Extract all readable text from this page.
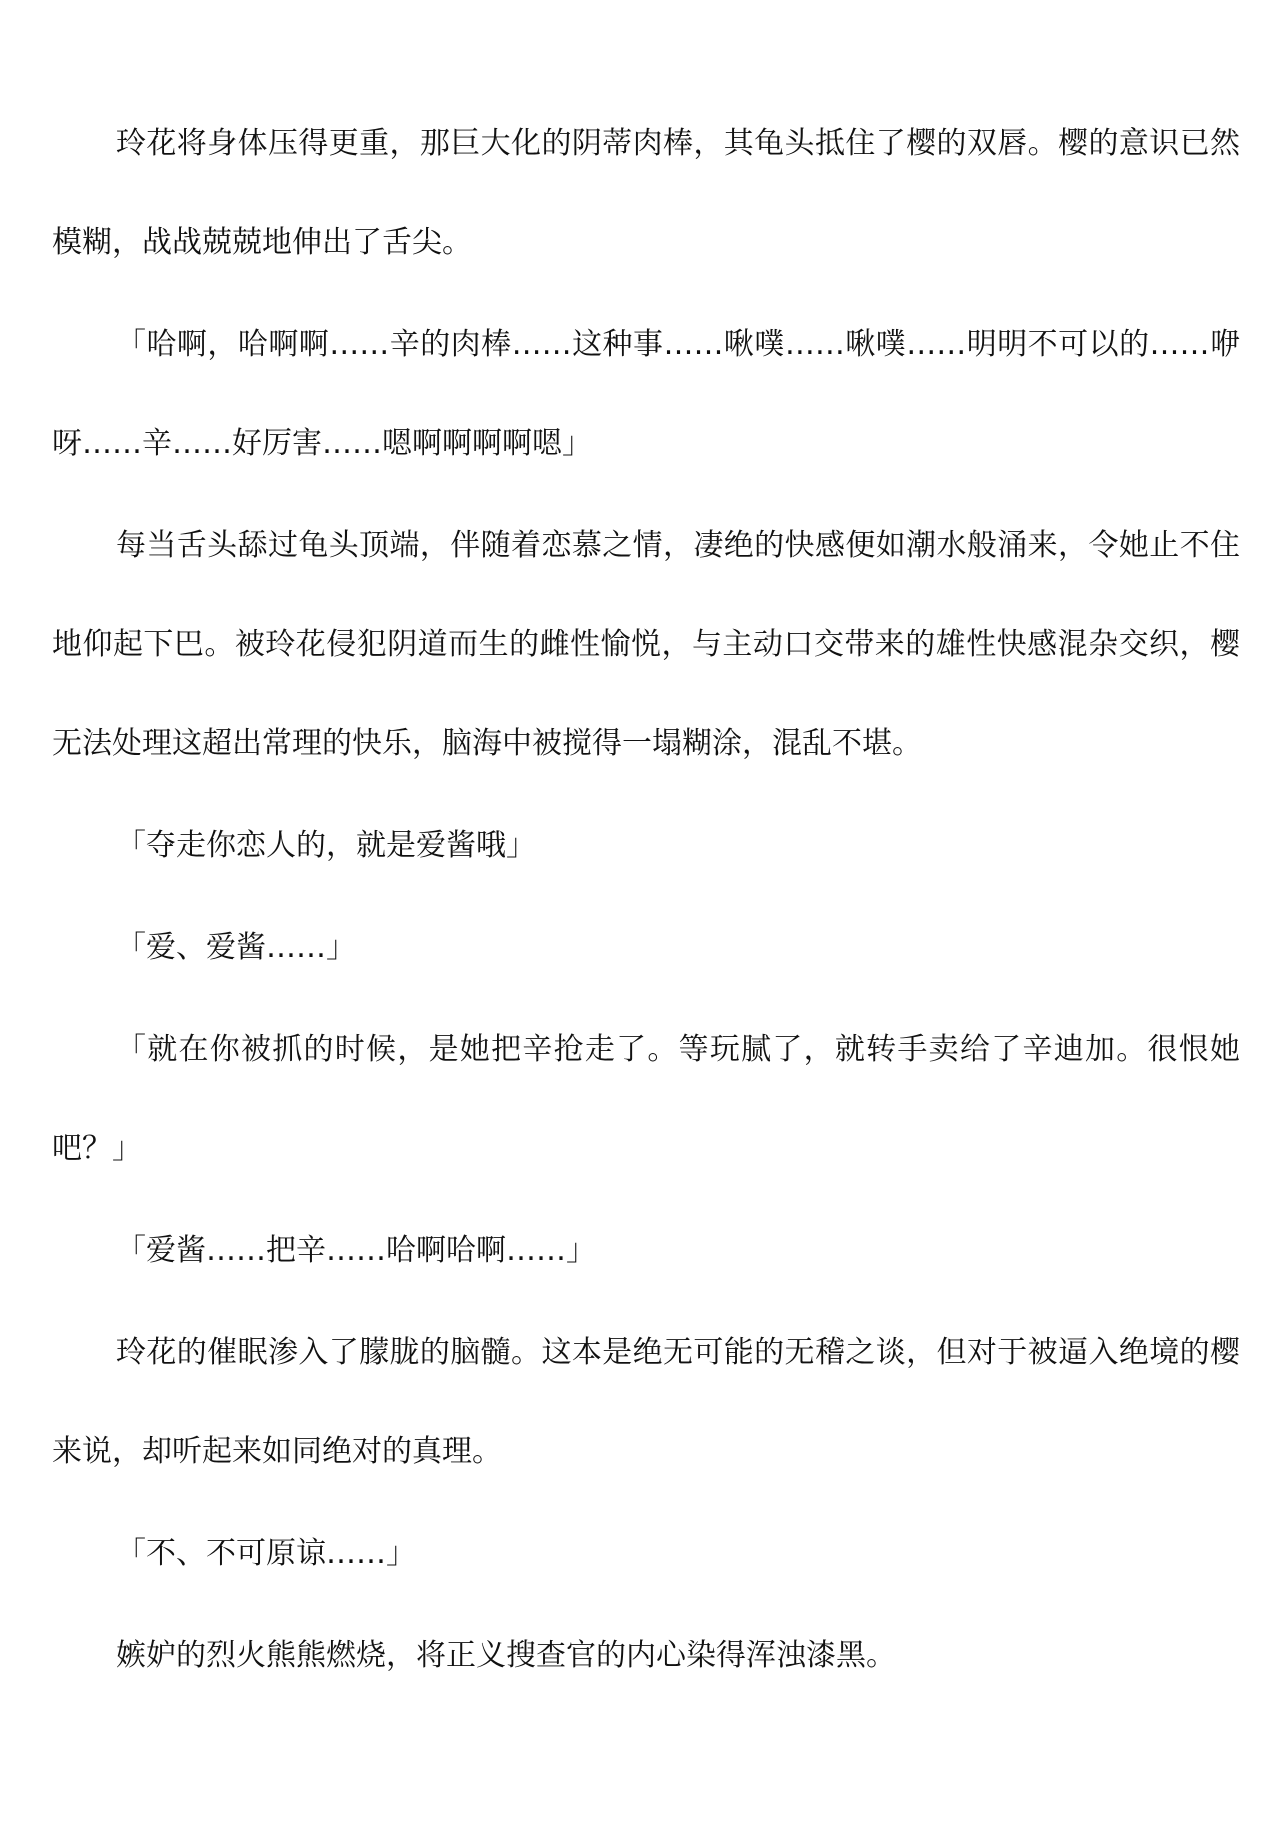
玲花将身体压得更重，那巨大化的阴蒂肉棒，其龟头抵住了樱的双唇。樱的意识已然
模糊，战战兢兢地伸出了舌尖。
「哈啊，哈啊啊……辛的肉棒……这种事……啾噗……啾噗……明明不可以的……咿
呀……辛……好厉害……嗯啊啊啊啊嗯」
每当舌头舔过龟头顶端，伴随着恋慕之情，凄绝的快感便如潮水般涌来，令她止不住
地仰起下巴。被玲花侵犯阴道而生的雌性愉悦，与主动口交带来的雄性快感混杂交织，樱
无法处理这超出常理的快乐，脑海中被搅得一塌糊涂，混乱不堪。
「夺走你恋人的，就是爱酱哦」
「爱、爱酱……」
「就在你被抓的时候，是她把辛抢走了。等玩腻了，就转手卖给了辛迪加。很恨她
吧？」
「爱酱……把辛……哈啊哈啊……」
玲花的催眠渗入了朦胧的脑髓。这本是绝无可能的无稽之谈，但对于被逼入绝境的樱
来说，却听起来如同绝对的真理。
「不、不可原谅……」
嫉妒的烈火熊熊燃烧，将正义搜查官的内心染得浑浊漆黑。
